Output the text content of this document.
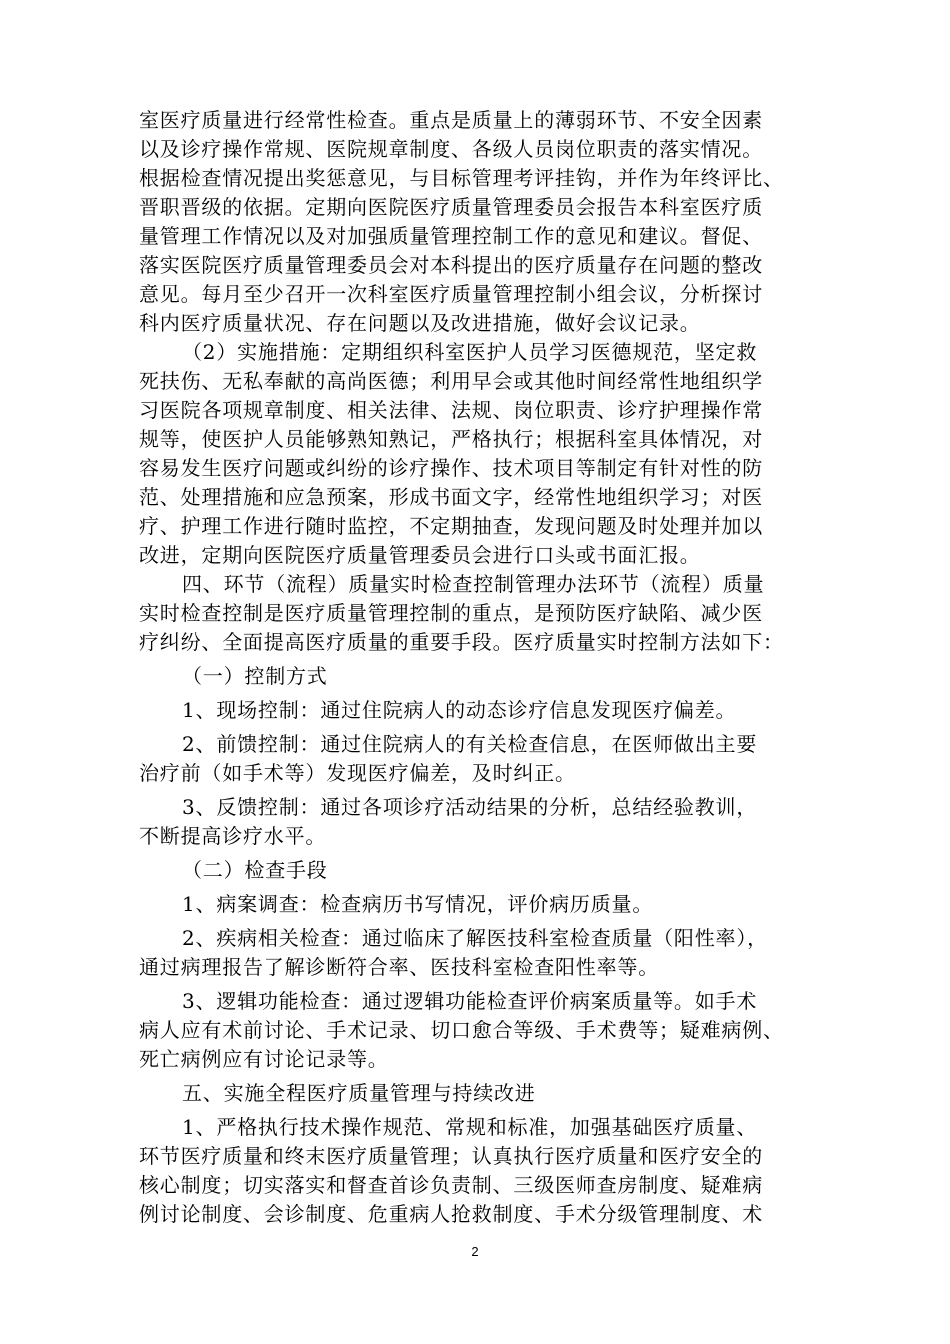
室医疗质量进行经常性检查。重点是质量上的薄弱环节、不安全因素
以及诊疗操作常规、医院规章制度、各级人员岗位职责的落实情况。
根据检查情况提出奖惩意见，与目标管理考评挂钩，并作为年终评比、
晋职晋级的依据。定期向医院医疗质量管理委员会报告本科室医疗质
量管理工作情况以及对加强质量管理控制工作的意见和建议。督促、
落实医院医疗质量管理委员会对本科提出的医疗质量存在问题的整改
意见。每月至少召开一次科室医疗质量管理控制小组会议，分析探讨
科内医疗质量状况、存在问题以及改进措施，做好会议记录。
（2）实施措施：定期组织科室医护人员学习医德规范，坚定救
死扶伤、无私奉献的高尚医德；利用早会或其他时间经常性地组织学
习医院各项规章制度、相关法律、法规、岗位职责、诊疗护理操作常
规等，使医护人员能够熟知熟记，严格执行；根据科室具体情况，对
容易发生医疗问题或纠纷的诊疗操作、技术项目等制定有针对性的防
范、处理措施和应急预案，形成书面文字，经常性地组织学习；对医
疗、护理工作进行随时监控，不定期抽查，发现问题及时处理并加以
改进，定期向医院医疗质量管理委员会进行口头或书面汇报。
四、环节（流程）质量实时检查控制管理办法环节（流程）质量
实时检查控制是医疗质量管理控制的重点，是预防医疗缺陷、减少医
疗纠纷、全面提高医疗质量的重要手段。医疗质量实时控制方法如下：
（一）控制方式
1、现场控制：通过住院病人的动态诊疗信息发现医疗偏差。
2、前馈控制：通过住院病人的有关检查信息，在医师做出主要
治疗前（如手术等）发现医疗偏差，及时纠正。
3、反馈控制：通过各项诊疗活动结果的分析，总结经验教训，
不断提高诊疗水平。
（二）检查手段
1、病案调查：检查病历书写情况，评价病历质量。
2、疾病相关检查：通过临床了解医技科室检查质量（阳性率），
通过病理报告了解诊断符合率、医技科室检查阳性率等。
3、逻辑功能检查：通过逻辑功能检查评价病案质量等。如手术
病人应有术前讨论、手术记录、切口愈合等级、手术费等；疑难病例、
死亡病例应有讨论记录等。
五、实施全程医疗质量管理与持续改进
1、严格执行技术操作规范、常规和标准，加强基础医疗质量、
环节医疗质量和终末医疗质量管理；认真执行医疗质量和医疗安全的
核心制度；切实落实和督查首诊负责制、三级医师查房制度、疑难病
例讨论制度、会诊制度、危重病人抢救制度、手术分级管理制度、术
2
